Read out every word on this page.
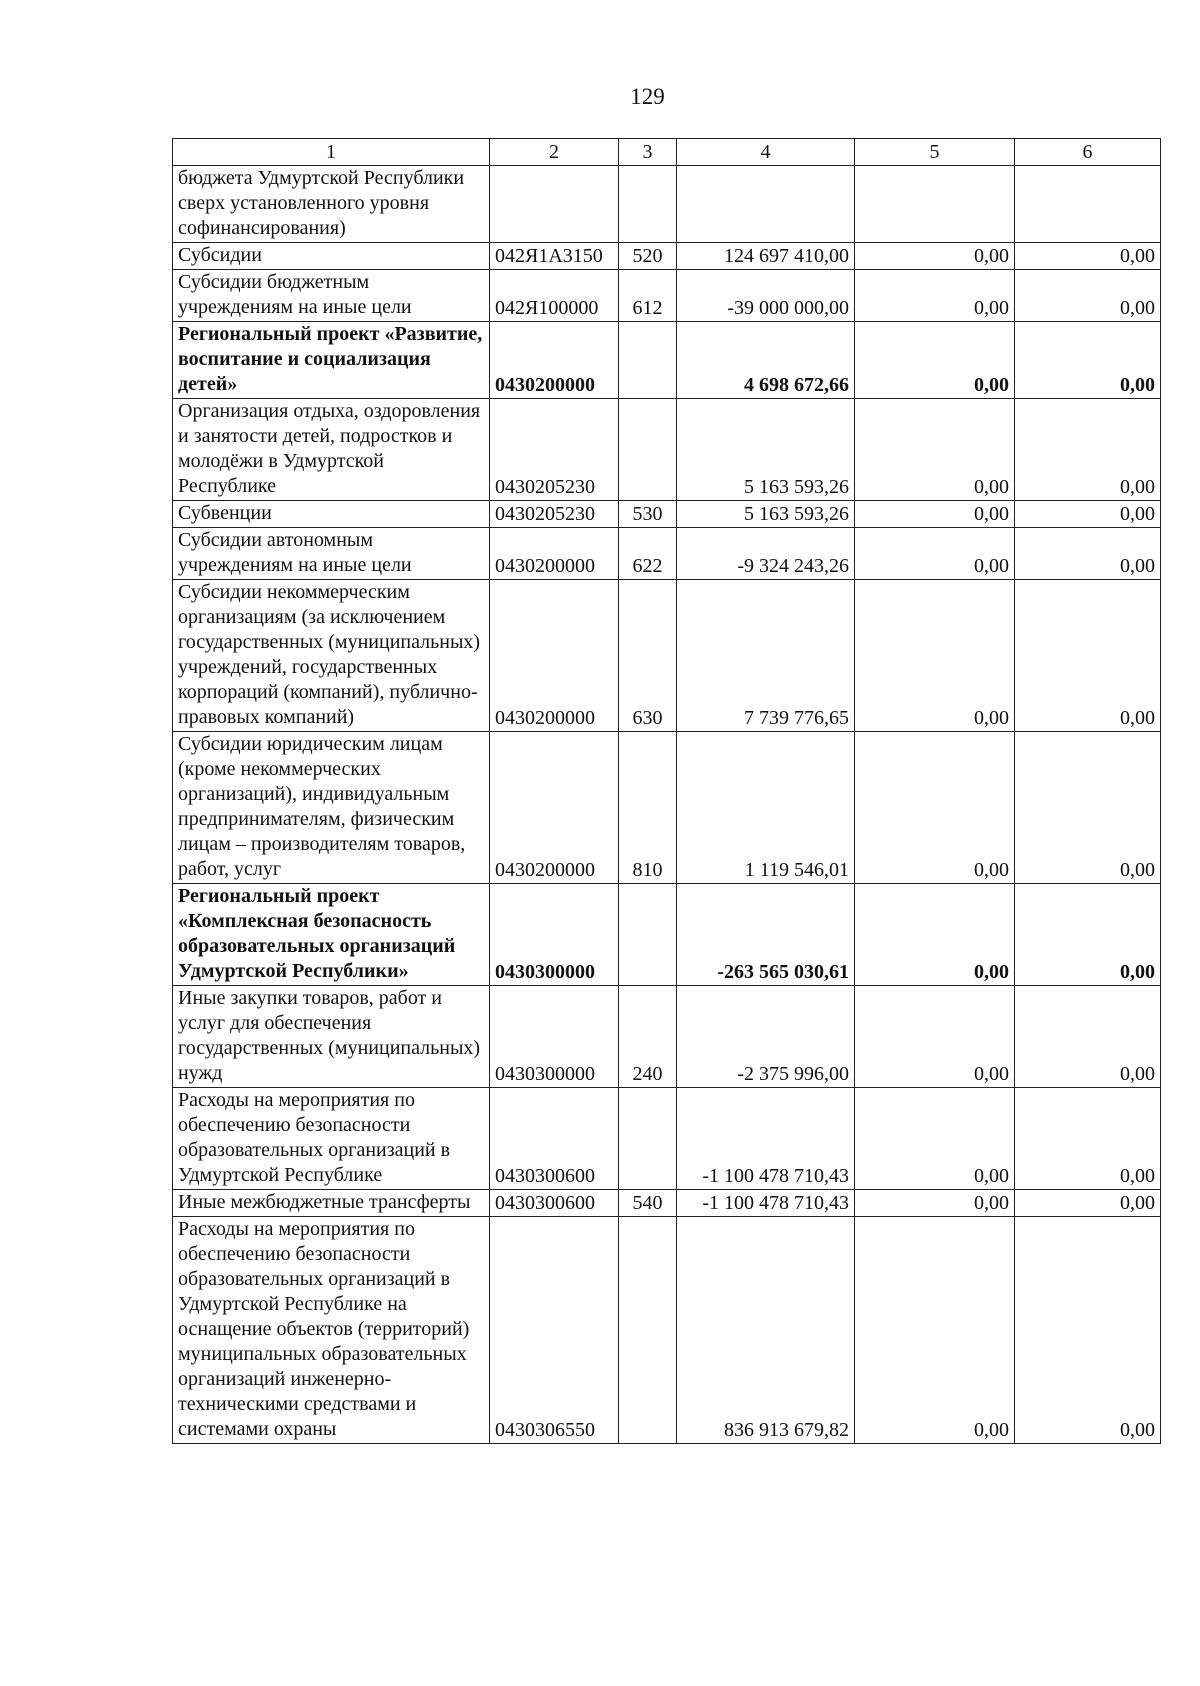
129
1	2	3	4	5	6
бюджета Удмуртской Республики сверх установленного уровня софинансирования)					
Субсидии	042Я1А3150	520	124 697 410,00	0,00	0,00
Субсидии бюджетным учреждениям на иные цели	042Я100000	612	-39 000 000,00	0,00	0,00
Региональный проект «Развитие, воспитание и социализация детей»	0430200000		4 698 672,66	0,00	0,00
Организация отдыха, оздоровления и занятости детей, подростков и молодёжи в Удмуртской Республике	0430205230		5 163 593,26	0,00	0,00
Субвенции	0430205230	530	5 163 593,26	0,00	0,00
Субсидии автономным учреждениям на иные цели	0430200000	622	-9 324 243,26	0,00	0,00
Субсидии некоммерческим организациям (за исключением государственных (муниципальных) учреждений, государственных корпораций (компаний), публично-правовых компаний)	0430200000	630	7 739 776,65	0,00	0,00
Субсидии юридическим лицам (кроме некоммерческих организаций), индивидуальным предпринимателям, физическим лицам – производителям товаров, работ, услуг	0430200000	810	1 119 546,01	0,00	0,00
Региональный проект «Комплексная безопасность образовательных организаций Удмуртской Республики»	0430300000		-263 565 030,61	0,00	0,00
Иные закупки товаров, работ и услуг для обеспечения государственных (муниципальных) нужд	0430300000	240	-2 375 996,00	0,00	0,00
Расходы на мероприятия по обеспечению безопасности образовательных организаций в Удмуртской Республике	0430300600		-1 100 478 710,43	0,00	0,00
Иные межбюджетные трансферты	0430300600	540	-1 100 478 710,43	0,00	0,00
Расходы на мероприятия по обеспечению безопасности образовательных организаций в Удмуртской Республике на оснащение объектов (территорий) муниципальных образовательных организаций инженерно-техническими средствами и системами охраны	0430306550		836 913 679,82	0,00	0,00
